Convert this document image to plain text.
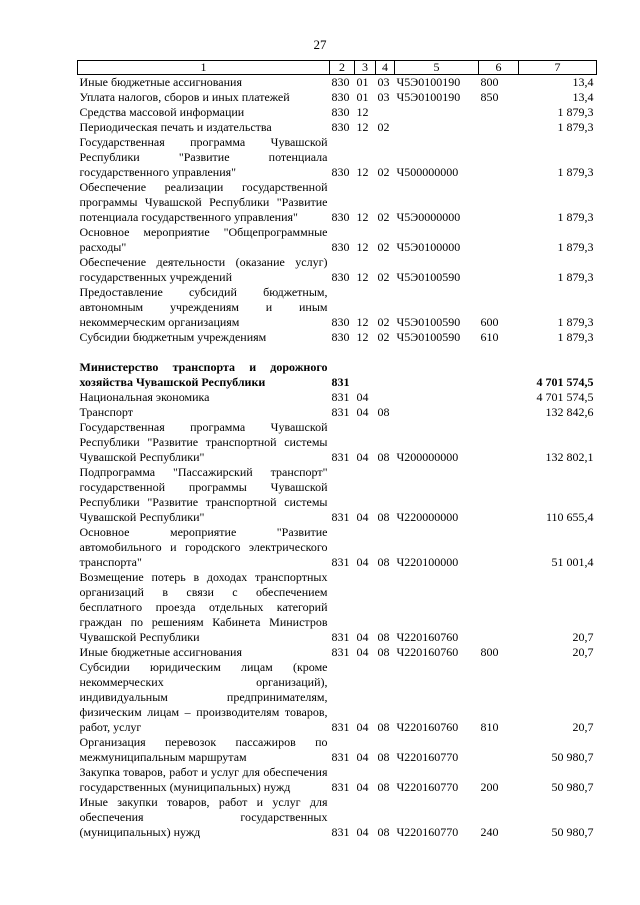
27
1	2	3	4	5	6	7
Иные бюджетные ассигнования	830	01	03	Ч5Э0100190	800	13,4
Уплата налогов, сборов и иных платежей	830	01	03	Ч5Э0100190	850	13,4
Средства массовой информации	830	12				1 879,3
Периодическая печать и издательства	830	12	02			1 879,3
Государственная программа Чувашской Республики "Развитие потенциала государственного управления"	830	12	02	Ч500000000		1 879,3
Обеспечение реализации государственной программы Чувашской Республики "Развитие потенциала государственного управления"	830	12	02	Ч5Э0000000		1 879,3
Основное мероприятие "Общепрограммные расходы"	830	12	02	Ч5Э0100000		1 879,3
Обеспечение деятельности (оказание услуг) государственных учреждений	830	12	02	Ч5Э0100590		1 879,3
Предоставление субсидий бюджетным, автономным учреждениям и иным некоммерческим организациям	830	12	02	Ч5Э0100590	600	1 879,3
Субсидии бюджетным учреждениям	830	12	02	Ч5Э0100590	610	1 879,3

Министерство транспорта и дорожного хозяйства Чувашской Республики	831					4 701 574,5
Национальная экономика	831	04				4 701 574,5
Транспорт	831	04	08			132 842,6
Государственная программа Чувашской Республики "Развитие транспортной системы Чувашской Республики"	831	04	08	Ч200000000		132 802,1
Подпрограмма "Пассажирский транспорт" государственной программы Чувашской Республики "Развитие транспортной системы Чувашской Республики"	831	04	08	Ч220000000		110 655,4
Основное мероприятие "Развитие автомобильного и городского электрического транспорта"	831	04	08	Ч220100000		51 001,4
Возмещение потерь в доходах транспортных организаций в связи с обеспечением бесплатного проезда отдельных категорий граждан по решениям Кабинета Министров Чувашской Республики	831	04	08	Ч220160760		20,7
Иные бюджетные ассигнования	831	04	08	Ч220160760	800	20,7
Субсидии юридическим лицам (кроме некоммерческих организаций), индивидуальным предпринимателям, физическим лицам – производителям товаров, работ, услуг	831	04	08	Ч220160760	810	20,7
Организация перевозок пассажиров по межмуниципальным маршрутам	831	04	08	Ч220160770		50 980,7
Закупка товаров, работ и услуг для обеспечения государственных (муниципальных) нужд	831	04	08	Ч220160770	200	50 980,7
Иные закупки товаров, работ и услуг для обеспечения государственных (муниципальных) нужд	831	04	08	Ч220160770	240	50 980,7
